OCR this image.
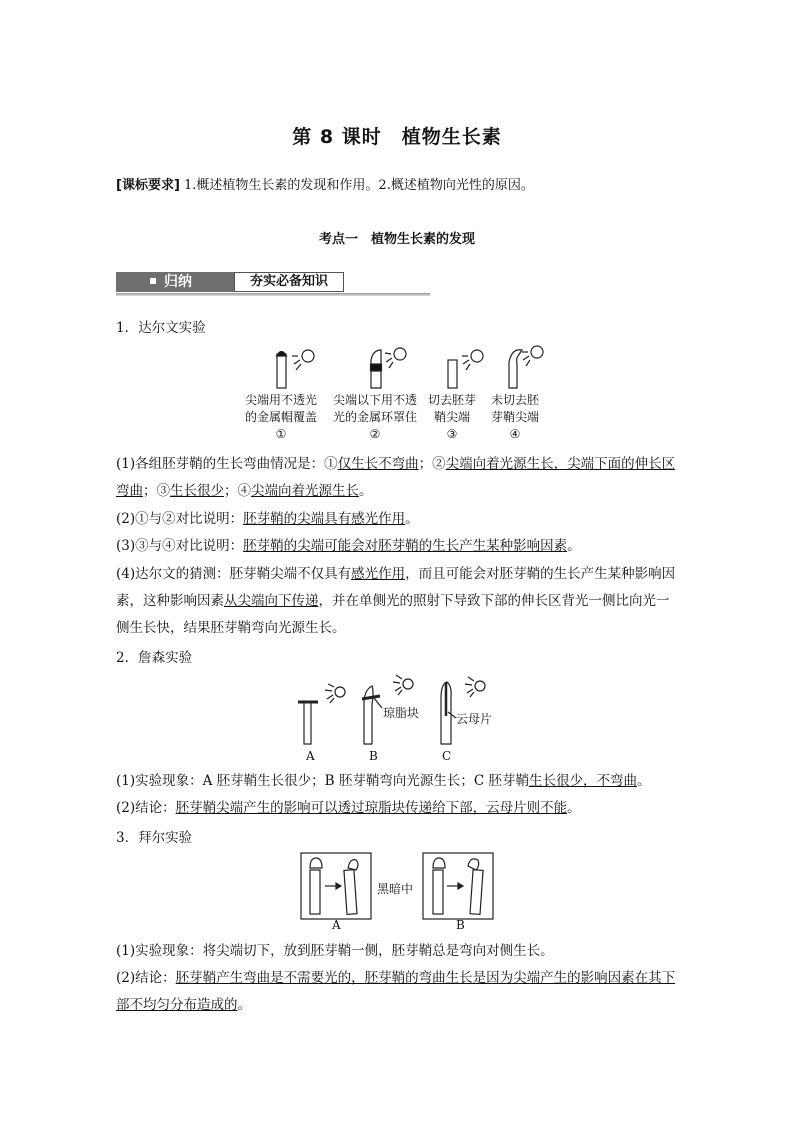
第 8 课时　植物生长素
[课标要求] 1.概述植物生长素的发现和作用。2.概述植物向光性的原因。
考点一　植物生长素的发现
归纳	夯实必备知识
1．达尔文实验
尖端用不透光
的金属帽覆盖
①
尖端以下用不透
光的金属环罩住
②
切去胚芽
鞘尖端
③
未切去胚
芽鞘尖端
④
(1)各组胚芽鞘的生长弯曲情况是：①仅生长不弯曲；②尖端向着光源生长，尖端下面的伸长区弯曲；③生长很少；④尖端向着光源生长。
(2)①与②对比说明：胚芽鞘的尖端具有感光作用。
(3)③与④对比说明：胚芽鞘的尖端可能会对胚芽鞘的生长产生某种影响因素。
(4)达尔文的猜测：胚芽鞘尖端不仅具有感光作用，而且可能会对胚芽鞘的生长产生某种影响因素，这种影响因素从尖端向下传递，并在单侧光的照射下导致下部的伸长区背光一侧比向光一侧生长快，结果胚芽鞘弯向光源生长。
2．詹森实验
琼脂块	云母片
A	B	C
(1)实验现象：A 胚芽鞘生长很少；B 胚芽鞘弯向光源生长；C 胚芽鞘生长很少，不弯曲。
(2)结论：胚芽鞘尖端产生的影响可以透过琼脂块传递给下部，云母片则不能。
3．拜尔实验
黑暗中
A	B
(1)实验现象：将尖端切下，放到胚芽鞘一侧，胚芽鞘总是弯向对侧生长。
(2)结论：胚芽鞘产生弯曲是不需要光的，胚芽鞘的弯曲生长是因为尖端产生的影响因素在其下部不均匀分布造成的。
